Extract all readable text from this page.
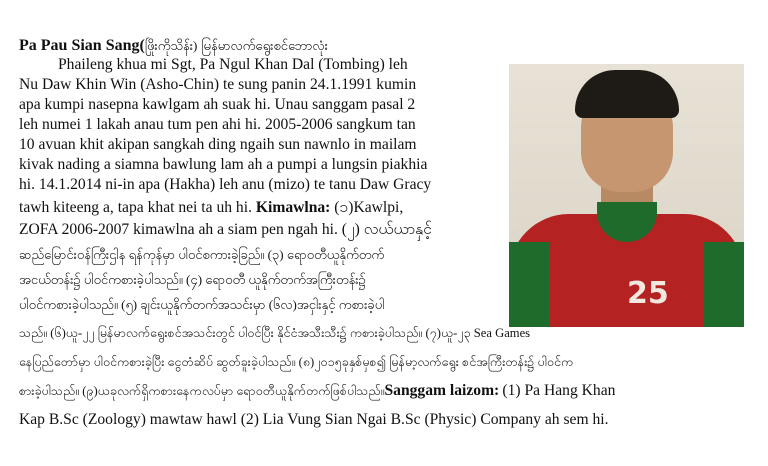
Pa Pau Sian Sang(ဖြိုးကိုသိန်း) မြန်မာလက်ရွေးစင်ဘောလုံး
25
Phaileng khua mi Sgt, Pa Ngul Khan Dal (Tombing) leh
Nu Daw Khin Win (Asho-Chin) te sung panin 24.1.1991 kumin
apa kumpi nasepna kawlgam ah suak hi. Unau sanggam pasal 2
leh numei 1 lakah anau tum pen ahi hi. 2005-2006 sangkum tan
10 avuan khit akipan sangkah ding ngaih sun nawnlo in mailam
kivak nading a siamna bawlung lam ah a pumpi a lungsin piakhia
hi. 14.1.2014 ni-in apa (Hakha) leh anu (mizo) te tanu Daw Gracy
tawh kiteeng a, tapa khat nei ta uh hi. Kimawlna: (၁)Kawlpi,
ZOFA 2006-2007 kimawlna ah a siam pen ngah hi. (၂) လယ်ယာနှင့်
ဆည်မြောင်းဝန်ကြီးဌါန ရန်ကုန်မှာ ပါဝင်စကားခဲ့ခြည်။ (၃) ရောဝတီယူနိုက်တက်
အငယ်တန်း၌ ပါဝင်ကစားခဲ့ပါသည်။ (၄) ရောဝတီ ယူနိုက်တက်အကြီးတန်း၌
ပါဝင်ကစားခဲ့ပါသည်။ (၅) ချင်းယူနိုက်တက်အသင်းမှာ (၆လ)အငှါးနှင့် ကစားခဲ့ပါ
သည်။ (၆)ယူ-၂၂ မြန်မာလက်ရွေးစင်အသင်းတွင် ပါဝင်ပြီး နိုင်ငံအသီးသီး၌ ကစားခဲ့ပါသည်။ (၇)ယူ-၂၃ Sea Games
နေပြည်တော်မှာ ပါဝင်ကစားခဲ့ပြီး ငွေတံဆိပ် ဆွတ်ခူးခဲ့ပါသည်။ (၈)၂၀၁၅ခုနှစ်မှစ၍ မြန်မာ့လက်ရွေး စင်အကြီးတန်း၌ ပါဝင်က
စားခဲ့ပါသည်။ (၉)ယခုလက်ရှိကစားနေကလပ်မှာ ရောဝတီယူနိုက်တက်ဖြစ်ပါသည်။Sanggam laizom: (1) Pa Hang Khan
Kap B.Sc (Zoology) mawtaw hawl (2) Lia Vung Sian Ngai B.Sc (Physic) Company ah sem hi.
